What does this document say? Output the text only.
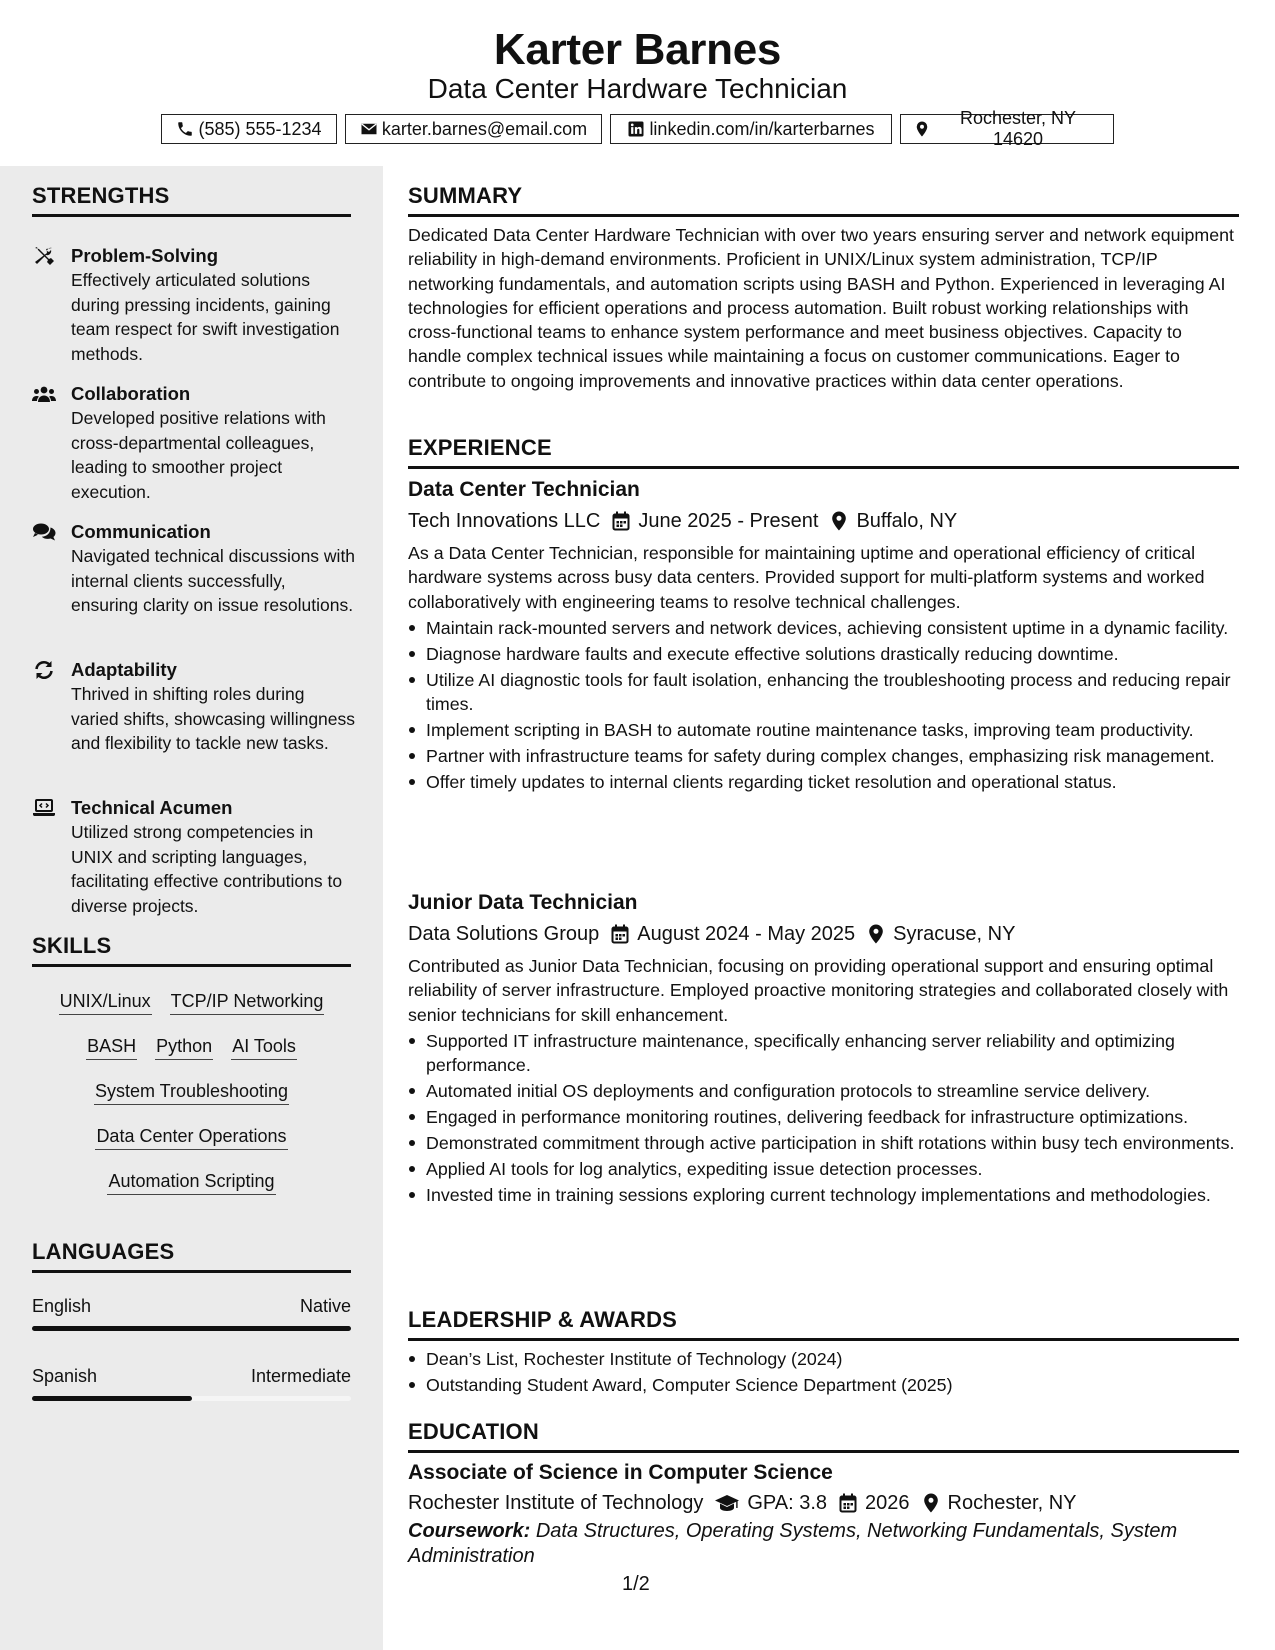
Karter Barnes
Data Center Hardware Technician
(585) 555-1234	karter.barnes@email.com	linkedin.com/in/karterbarnes
Rochester, NY 14620
STRENGTHS
Problem-Solving
Effectively articulated solutions during pressing incidents, gaining team respect for swift investigation methods.
Collaboration
Developed positive relations with cross-departmental colleagues, leading to smoother project execution.
Communication
Navigated technical discussions with internal clients successfully, ensuring clarity on issue resolutions.
Adaptability
Thrived in shifting roles during varied shifts, showcasing willingness and flexibility to tackle new tasks.
Technical Acumen
Utilized strong competencies in UNIX and scripting languages, facilitating effective contributions to diverse projects.
SKILLS
UNIX/Linux TCP/IP Networking
BASH Python AI Tools
System Troubleshooting
Data Center Operations
Automation Scripting
LANGUAGES
English	Native
Spanish	Intermediate
SUMMARY
Dedicated Data Center Hardware Technician with over two years ensuring server and network equipment reliability in high-demand environments. Proficient in UNIX/Linux system administration, TCP/IP networking fundamentals, and automation scripts using BASH and Python. Experienced in leveraging AI technologies for efficient operations and process automation. Built robust working relationships with cross-functional teams to enhance system performance and meet business objectives. Capacity to handle complex technical issues while maintaining a focus on customer communications. Eager to contribute to ongoing improvements and innovative practices within data center operations.
EXPERIENCE
Data Center Technician
Tech Innovations LLC June 2025 - Present Buffalo, NY
As a Data Center Technician, responsible for maintaining uptime and operational efficiency of critical hardware systems across busy data centers. Provided support for multi-platform systems and worked collaboratively with engineering teams to resolve technical challenges.
Maintain rack-mounted servers and network devices, achieving consistent uptime in a dynamic facility.
Diagnose hardware faults and execute effective solutions drastically reducing downtime.
Utilize AI diagnostic tools for fault isolation, enhancing the troubleshooting process and reducing repair times.
Implement scripting in BASH to automate routine maintenance tasks, improving team productivity.
Partner with infrastructure teams for safety during complex changes, emphasizing risk management.
Offer timely updates to internal clients regarding ticket resolution and operational status.
Junior Data Technician
Data Solutions Group August 2024 - May 2025 Syracuse, NY
Contributed as Junior Data Technician, focusing on providing operational support and ensuring optimal reliability of server infrastructure. Employed proactive monitoring strategies and collaborated closely with senior technicians for skill enhancement.
Supported IT infrastructure maintenance, specifically enhancing server reliability and optimizing performance.
Automated initial OS deployments and configuration protocols to streamline service delivery.
Engaged in performance monitoring routines, delivering feedback for infrastructure optimizations.
Demonstrated commitment through active participation in shift rotations within busy tech environments.
Applied AI tools for log analytics, expediting issue detection processes.
Invested time in training sessions exploring current technology implementations and methodologies.
LEADERSHIP & AWARDS
Dean’s List, Rochester Institute of Technology (2024)
Outstanding Student Award, Computer Science Department (2025)
EDUCATION
Associate of Science in Computer Science
Rochester Institute of Technology GPA: 3.8 2026 Rochester, NY
Coursework: Data Structures, Operating Systems, Networking Fundamentals, System Administration
1/2
